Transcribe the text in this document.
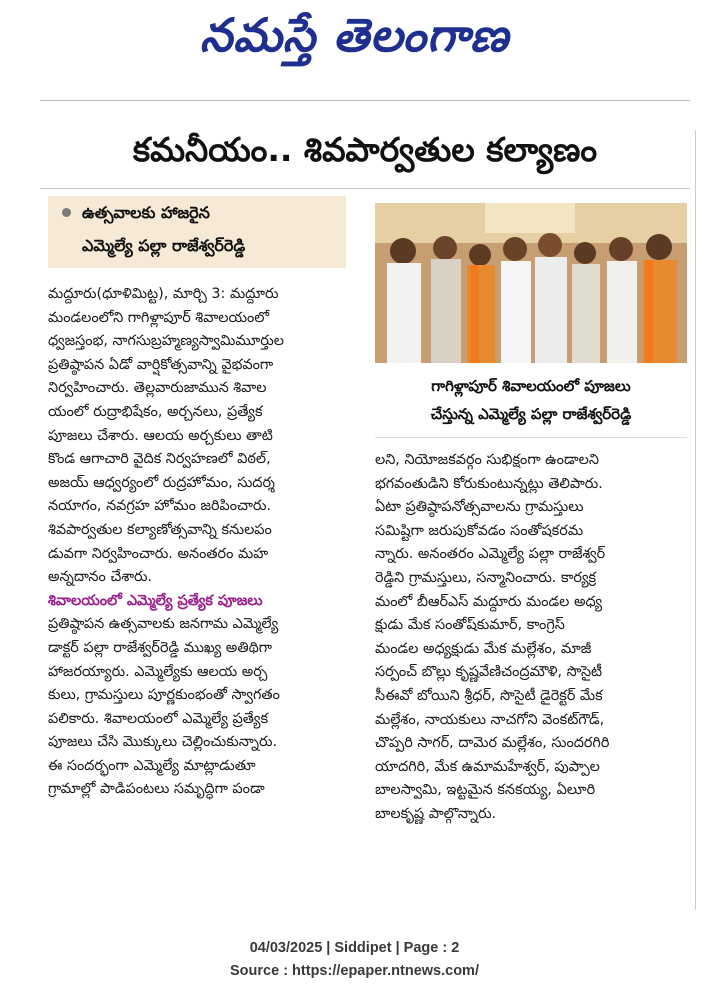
నమస్తే తెలంగాణ
కమనీయం.. శివపార్వతుల కల్యాణం
ఉత్సవాలకు హాజరైన
ఎమ్మెల్యే పల్లా రాజేశ్వర్‌రెడ్డి
గాగిళ్లాపూర్ శివాలయంలో పూజలు
చేస్తున్న ఎమ్మెల్యే పల్లా రాజేశ్వర్‌రెడ్డి

మద్దూరు(ధూళిమిట్ట), మార్చి 3: మద్దూరు

మండలంలోని గాగిళ్లాపూర్ శివాలయంలో

ధ్వజస్తంభ, నాగసుబ్రహ్మణ్యస్వామిమూర్తుల

ప్రతిష్ఠాపన ఏడో వార్షికోత్సవాన్ని వైభవంగా

నిర్వహించారు. తెల్లవారుజామున శివాల

యంలో రుద్రాభిషేకం, అర్చనలు, ప్రత్యేక

పూజలు చేశారు. ఆలయ అర్చకులు తాటి

కొండ ఆగాచారి వైదిక నిర్వహణలో విఠల్,

అజయ్ ఆధ్వర్యంలో రుద్రహోమం, సుదర్శ

నయాగం, నవగ్రహ హోమం జరిపించారు.

శివపార్వతుల కల్యాణోత్సవాన్ని కనులపం

డువగా నిర్వహించారు. అనంతరం మహ

అన్నదానం చేశారు.

శివాలయంలో ఎమ్మెల్యే ప్రత్యేక పూజలు

ప్రతిష్ఠాపన ఉత్సవాలకు జనగామ ఎమ్మెల్యే

డాక్టర్ పల్లా రాజేశ్వర్‌రెడ్డి ముఖ్య అతిథిగా

హాజరయ్యారు. ఎమ్మెల్యేకు ఆలయ అర్చ

కులు, గ్రామస్తులు పూర్ణకుంభంతో స్వాగతం

పలికారు. శివాలయంలో ఎమ్మెల్యే ప్రత్యేక

పూజలు చేసి మొక్కులు చెల్లించుకున్నారు.

ఈ సందర్భంగా ఎమ్మెల్యే మాట్లాడుతూ

గ్రామాల్లో పాడిపంటలు సమృద్ధిగా పండా

లని, నియోజకవర్గం సుభిక్షంగా ఉండాలని

భగవంతుడిని కోరుకుంటున్నట్లు తెలిపారు.

ఏటా ప్రతిష్ఠాపనోత్సవాలను గ్రామస్తులు

సమిష్టిగా జరుపుకోవడం సంతోషకరమ

న్నారు. అనంతరం ఎమ్మెల్యే పల్లా రాజేశ్వర్

రెడ్డిని గ్రామస్తులు, సన్మానించారు. కార్యక్ర

మంలో బీఆర్‌ఎస్ మద్దూరు మండల అధ్య

క్షుడు మేక సంతోష్‌కుమార్, కాంగ్రెస్

మండల అధ్యక్షుడు మేక మల్లేశం, మాజీ

సర్పంచ్ బొల్లు కృష్ణవేణిచంద్రమౌళి, సొసైటీ

సీఈవో బోయిని శ్రీధర్, సొసైటీ డైరెక్టర్ మేక

మల్లేశం, నాయకులు నాచగోని వెంకట్‌గౌడ్,

చొప్పరి సాగర్, దామెర మల్లేశం, సుందరగిరి

యాదగిరి, మేక ఉమామహేశ్వర్, పుప్పాల

బాలస్వామి, ఇట్టమైన కనకయ్య, ఏలూరి

బాలకృష్ణ పాల్గొన్నారు.

04/03/2025 | Siddipet | Page : 2
Source : https://epaper.ntnews.com/
